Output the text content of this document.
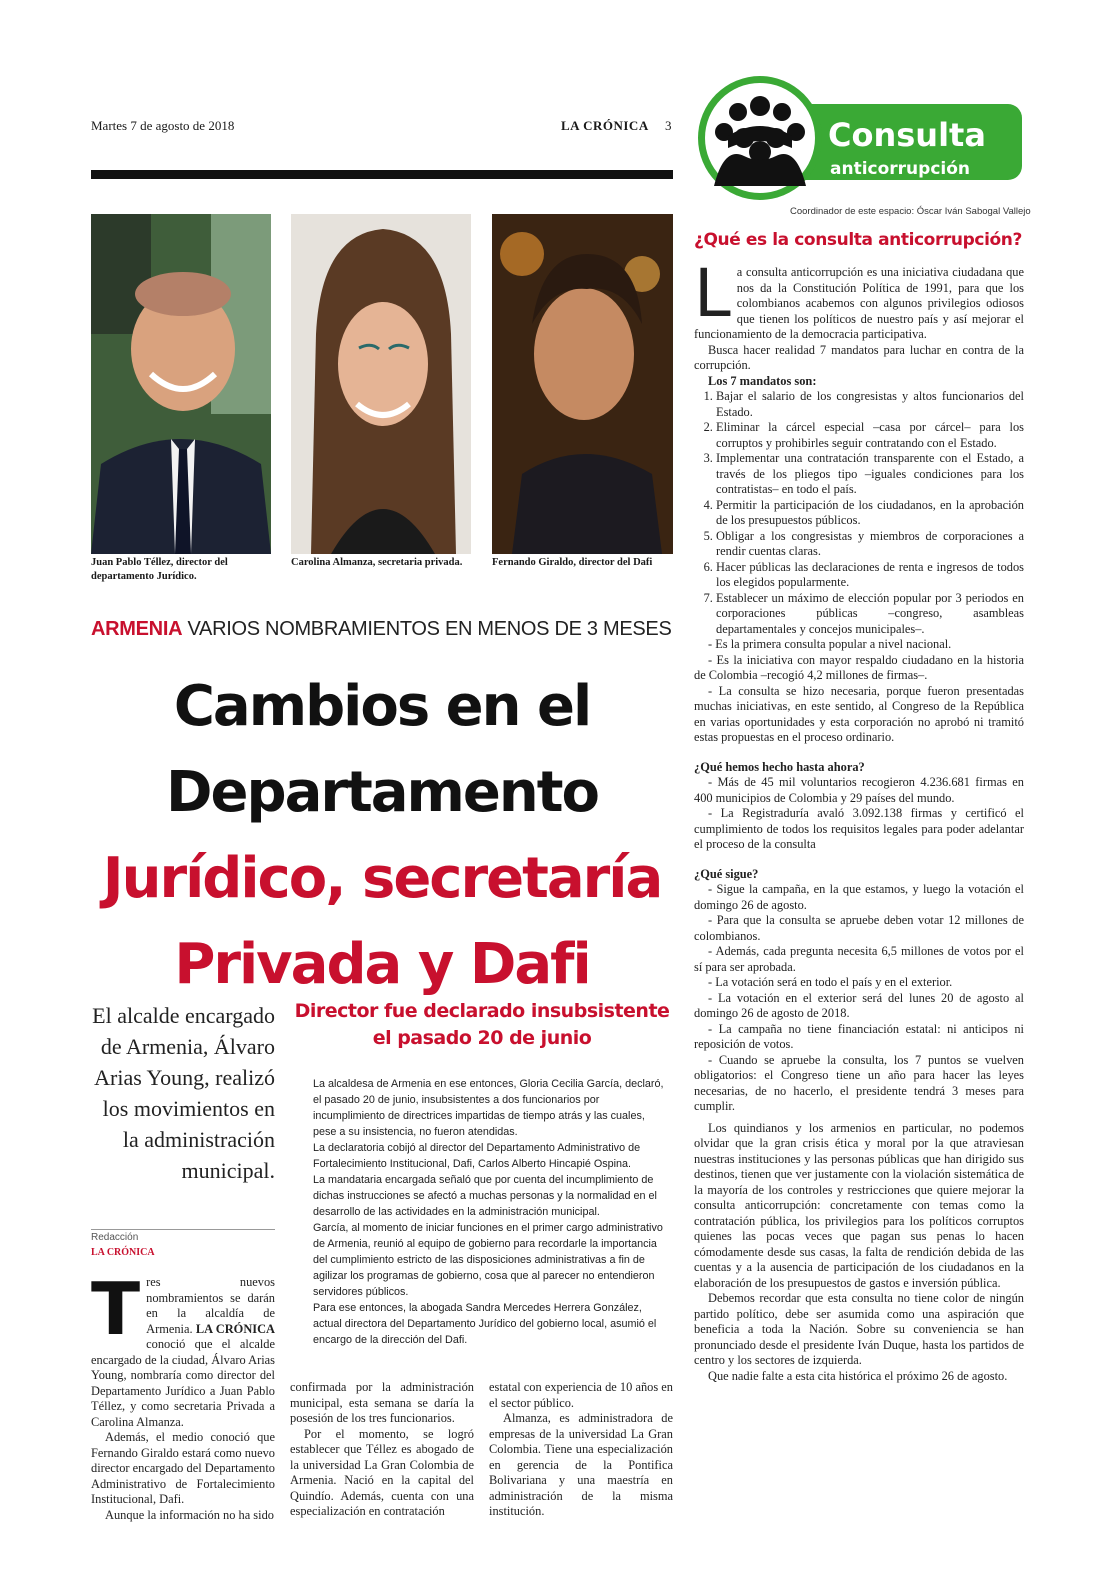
Martes 7 de agosto de 2018	LA CRÓNICA 3
Juan Pablo Téllez, director del departamento Jurídico.
Carolina Almanza, secretaria privada.	Fernando Giraldo, director del Dafi
ARMENIA VARIOS NOMBRAMIENTOS EN MENOS DE 3 MESES
Cambios en el
Departamento
Jurídico, secretaría
Privada y Dafi
El alcalde encargado de Armenia, Álvaro Arias Young, realizó los movimientos en la administración municipal.
Redacción
LA CRÓNICA
Director fue declarado insubsistente el pasado 20 de junio

La alcaldesa de Armenia en ese entonces, Gloria Cecilia García, declaró, el pasado 20 de junio, insubsistentes a dos funcionarios por incumplimiento de directrices impartidas de tiempo atrás y las cuales, pese a su insistencia, no fueron atendidas.

La declaratoria cobijó al director del Departamento Administrativo de Fortalecimiento Institucional, Dafi, Carlos Alberto Hincapié Ospina.

La mandataria encargada señaló que por cuenta del incumplimiento de dichas instrucciones se afectó a muchas personas y la normalidad en el desarrollo de las actividades en la administración municipal.

García, al momento de iniciar funciones en el primer cargo administrativo de Armenia, reunió al equipo de gobierno para recordarle la importancia del cumplimiento estricto de las disposiciones administrativas a fin de agilizar los programas de gobierno, cosa que al parecer no entendieron servidores públicos.

Para ese entonces, la abogada Sandra Mercedes Herrera González, actual directora del Departamento Jurídico del gobierno local, asumió el encargo de la dirección del Dafi.

T res nuevos nombramientos se darán en la alcaldía de Armenia. LA CRÓNICA conoció que el alcalde encargado de la ciudad, Álvaro Arias Young, nombraría como director del Departamento Jurídico a Juan Pablo Téllez, y como secretaria Privada a Carolina Almanza.

Además, el medio conoció que Fernando Giraldo estará como nuevo director encargado del Departamento Administrativo de Fortalecimiento Institucional, Dafi.

Aunque la información no ha sido

confirmada por la administración municipal, esta semana se daría la posesión de los tres funcionarios.

Por el momento, se logró establecer que Téllez es abogado de la universidad La Gran Colombia de Armenia. Nació en la capital del Quindío. Además, cuenta con una especialización en contratación

estatal con experiencia de 10 años en el sector público.

Almanza, es administradora de empresas de la universidad La Gran Colombia. Tiene una especialización en gerencia de la Pontifica Bolivariana y una maestría en administración de la misma institución.

Consulta
anticorrupción
Coordinador de este espacio: Óscar Iván Sabogal Vallejo
¿Qué es la consulta anticorrupción?
L a consulta anticorrupción es una iniciativa ciudadana que nos da la Constitución Política de 1991, para que los colombianos acabemos con algunos privilegios odiosos que tienen los políticos de nuestro país y así mejorar el funcionamiento de la democracia participativa.

Busca hacer realidad 7 mandatos para luchar en contra de la corrupción.

Los 7 mandatos son:

1. Bajar el salario de los congresistas y altos funcionarios del Estado.
2. Eliminar la cárcel especial –casa por cárcel– para los corruptos y prohibirles seguir contratando con el Estado.
3. Implementar una contratación transparente con el Estado, a través de los pliegos tipo –iguales condiciones para los contratistas– en todo el país.
4. Permitir la participación de los ciudadanos, en la aprobación de los presupuestos públicos.
5. Obligar a los congresistas y miembros de corporaciones a rendir cuentas claras.
6. Hacer públicas las declaraciones de renta e ingresos de todos los elegidos popularmente.
7. Establecer un máximo de elección popular por 3 periodos en corporaciones públicas –congreso, asambleas departamentales y concejos municipales–.

- Es la primera consulta popular a nivel nacional.

- Es la iniciativa con mayor respaldo ciudadano en la historia de Colombia –recogió 4,2 millones de firmas–.

- La consulta se hizo necesaria, porque fueron presentadas muchas iniciativas, en este sentido, al Congreso de la República en varias oportunidades y esta corporación no aprobó ni tramitó estas propuestas en el proceso ordinario.

¿Qué hemos hecho hasta ahora?

- Más de 45 mil voluntarios recogieron 4.236.681 firmas en 400 municipios de Colombia y 29 países del mundo.

- La Registraduría avaló 3.092.138 firmas y certificó el cumplimiento de todos los requisitos legales para poder adelantar el proceso de la consulta

¿Qué sigue?

- Sigue la campaña, en la que estamos, y luego la votación el domingo 26 de agosto.

- Para que la consulta se apruebe deben votar 12 millones de colombianos.

- Además, cada pregunta necesita 6,5 millones de votos por el sí para ser aprobada.

- La votación será en todo el país y en el exterior.

- La votación en el exterior será del lunes 20 de agosto al domingo 26 de agosto de 2018.

- La campaña no tiene financiación estatal: ni anticipos ni reposición de votos.

- Cuando se apruebe la consulta, los 7 puntos se vuelven obligatorios: el Congreso tiene un año para hacer las leyes necesarias, de no hacerlo, el presidente tendrá 3 meses para cumplir.

Los quindianos y los armenios en particular, no podemos olvidar que la gran crisis ética y moral por la que atraviesan nuestras instituciones y las personas públicas que han dirigido sus destinos, tienen que ver justamente con la violación sistemática de la mayoría de los controles y restricciones que quiere mejorar la consulta anticorrupción: concretamente con temas como la contratación pública, los privilegios para los políticos corruptos quienes las pocas veces que pagan sus penas lo hacen cómodamente desde sus casas, la falta de rendición debida de las cuentas y a la ausencia de participación de los ciudadanos en la elaboración de los presupuestos de gastos e inversión pública.

Debemos recordar que esta consulta no tiene color de ningún partido político, debe ser asumida como una aspiración que beneficia a toda la Nación. Sobre su conveniencia se han pronunciado desde el presidente Iván Duque, hasta los partidos de centro y los sectores de izquierda.

Que nadie falte a esta cita histórica el próximo 26 de agosto.
